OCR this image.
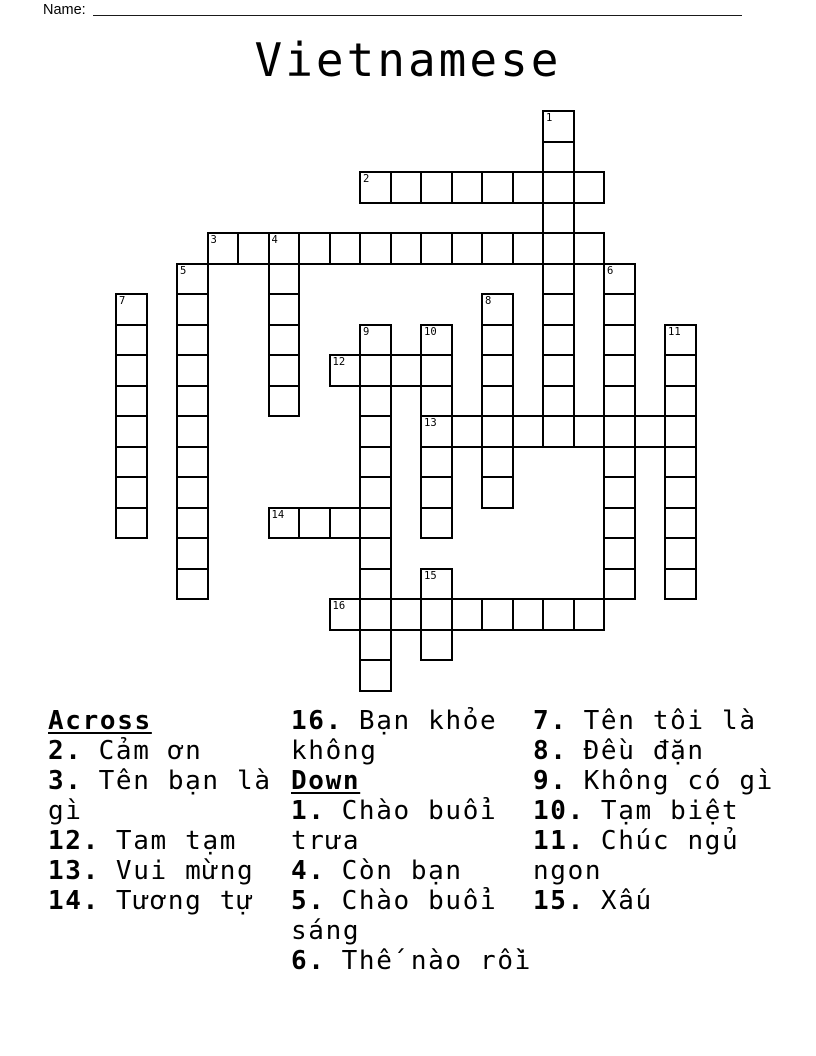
Name:
Vietnamese
1
2
3	4
5	6
7	8
9	10
13
11
12
14
15
16
Across

2. Cảm ơn

3. Tên bạn là gì

12. Tam tạm

13. Vui mừng

14. Tương tự

16. Bạn khỏe không

Down

1. Chào buổi trưa

4. Còn bạn

5. Chào buổi sáng

6. Thế nào rồi

7. Tên tôi là

8. Đều đặn

9. Không có gì

10. Tạm biệt

11. Chúc ngủ ngon

15. Xấu
